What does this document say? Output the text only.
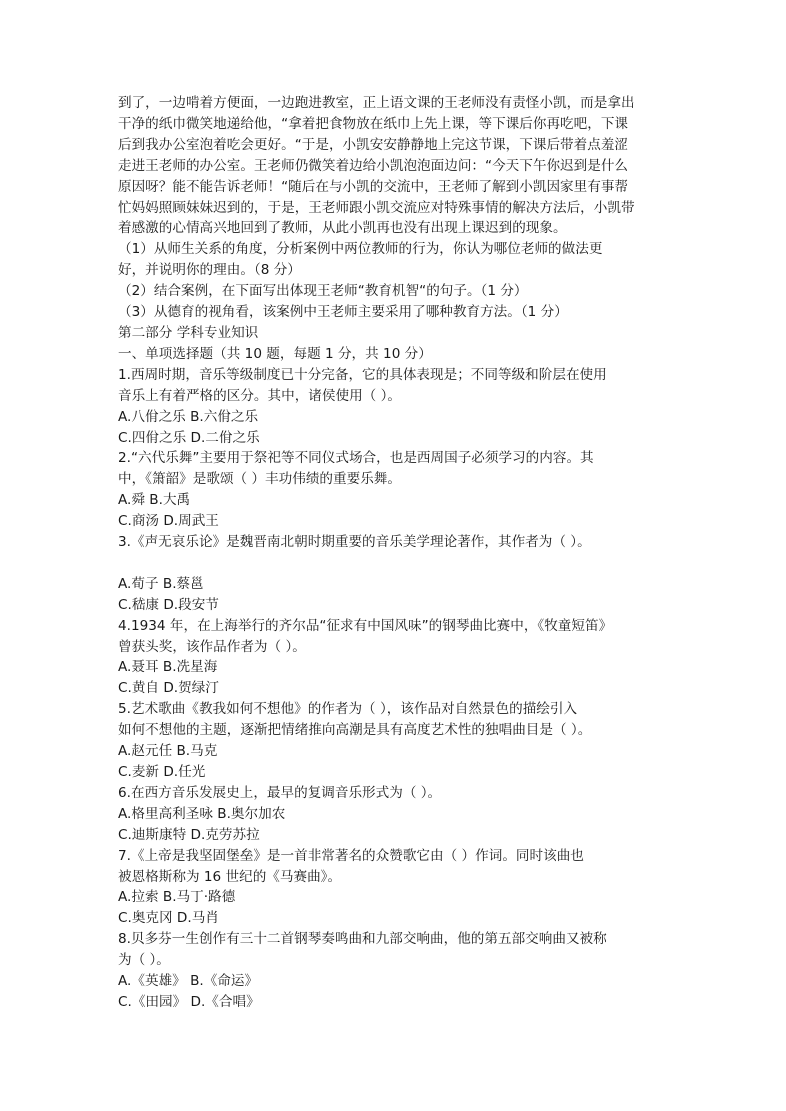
到了，一边啃着方便面，一边跑进教室，正上语文课的王老师没有责怪小凯，而是拿出
干净的纸巾微笑地递给他，“拿着把食物放在纸巾上先上课，等下课后你再吃吧，下课
后到我办公室泡着吃会更好。“于是，小凯安安静静地上完这节课，下课后带着点羞涩
走进王老师的办公室。王老师仍微笑着边给小凯泡泡面边问：“今天下午你迟到是什么
原因呀？能不能告诉老师！“随后在与小凯的交流中，王老师了解到小凯因家里有事帮
忙妈妈照顾妹妹迟到的，于是，王老师跟小凯交流应对特殊事情的解决方法后，小凯带
着感激的心情高兴地回到了教师，从此小凯再也没有出现上课迟到的现象。
（1）从师生关系的角度，分析案例中两位教师的行为，你认为哪位老师的做法更
好，并说明你的理由。（8 分）
（2）结合案例，在下面写出体现王老师“教育机智“的句子。（1 分）
（3）从德育的视角看，该案例中王老师主要采用了哪种教育方法。（1 分）
第二部分 学科专业知识
一、单项选择题（共 10 题，每题 1 分，共 10 分）
1.西周时期，音乐等级制度已十分完备，它的具体表现是；不同等级和阶层在使用
音乐上有着严格的区分。其中，诸侯使用（ ）。
A.八佾之乐 B.六佾之乐
C.四佾之乐 D.二佾之乐
2.“六代乐舞”主要用于祭祀等不同仪式场合，也是西周国子必须学习的内容。其
中，《箫韶》是歌颂（ ）丰功伟绩的重要乐舞。
A.舜 B.大禹
C.商汤 D.周武王
3.《声无哀乐论》是魏晋南北朝时期重要的音乐美学理论著作，其作者为（ ）。
A.荀子 B.蔡邕
C.嵇康 D.段安节
4.1934 年，在上海举行的齐尔品“征求有中国风味”的钢琴曲比赛中，《牧童短笛》
曾获头奖，该作品作者为（ ）。
A.聂耳 B.冼星海
C.黄自 D.贺绿汀
5.艺术歌曲《教我如何不想他》的作者为（ ），该作品对自然景色的描绘引入
如何不想他的主题，逐渐把情绪推向高潮是具有高度艺术性的独唱曲目是（ ）。
A.赵元任 B.马克
C.麦新 D.任光
6.在西方音乐发展史上，最早的复调音乐形式为（ ）。
A.格里高利圣咏 B.奥尔加农
C.迪斯康特 D.克劳苏拉
7.《上帝是我坚固堡垒》是一首非常著名的众赞歌它由（ ）作词。同时该曲也
被恩格斯称为 16 世纪的《马赛曲》。
A.拉索 B.马丁·路德
C.奥克冈 D.马肖
8.贝多芬一生创作有三十二首钢琴奏鸣曲和九部交响曲，他的第五部交响曲又被称
为（ ）。
A.《英雄》 B.《命运》
C.《田园》 D.《合唱》
